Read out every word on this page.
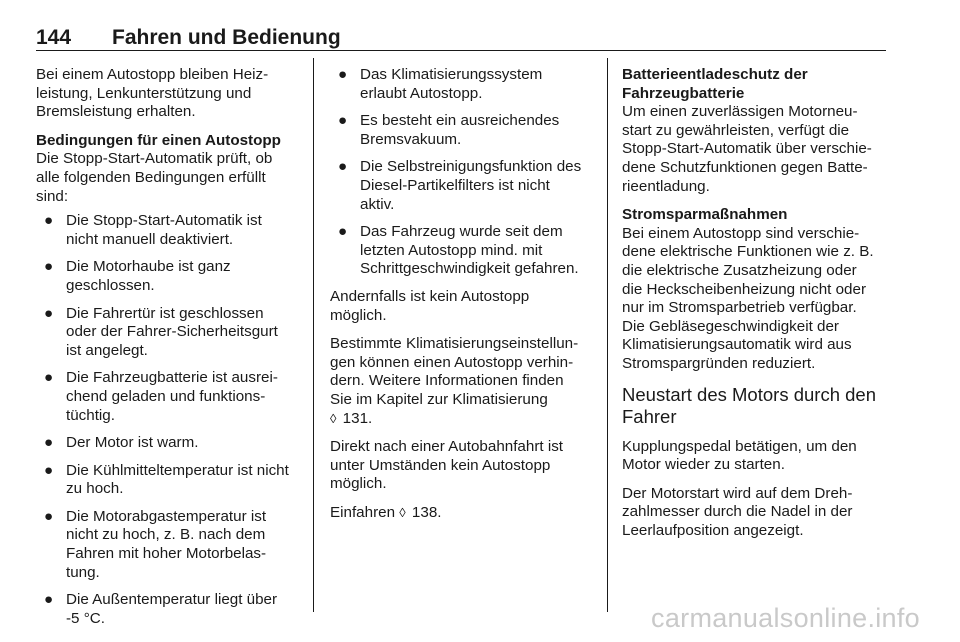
144 Fahren und Bedienung

Bei einem Autostopp bleiben Heiz-
leistung, Lenkunterstützung und
Bremsleistung erhalten.

Bedingungen für einen Autostopp

Die Stopp-Start-Automatik prüft, ob
alle folgenden Bedingungen erfüllt
sind:

● Die Stopp-Start-Automatik ist
nicht manuell deaktiviert.
● Die Motorhaube ist ganz
geschlossen.
● Die Fahrertür ist geschlossen
oder der Fahrer-Sicherheitsgurt
ist angelegt.
● Die Fahrzeugbatterie ist ausrei-
chend geladen und funktions-
tüchtig.
● Der Motor ist warm.
● Die Kühlmitteltemperatur ist nicht
zu hoch.
● Die Motorabgastemperatur ist
nicht zu hoch, z. B. nach dem
Fahren mit hoher Motorbelas-
tung.
● Die Außentemperatur liegt über
-5 °C.
● Das Klimatisierungssystem
erlaubt Autostopp.
● Es besteht ein ausreichendes
Bremsvakuum.
● Die Selbstreinigungsfunktion des
Diesel-Partikelfilters ist nicht
aktiv.
● Das Fahrzeug wurde seit dem
letzten Autostopp mind. mit
Schrittgeschwindigkeit gefahren.

Andernfalls ist kein Autostopp
möglich.

Bestimmte Klimatisierungseinstellun-
gen können einen Autostopp verhin-
dern. Weitere Informationen finden
Sie im Kapitel zur Klimatisierung
◊ 131.

Direkt nach einer Autobahnfahrt ist
unter Umständen kein Autostopp
möglich.

Einfahren ◊ 138.

Batterieentladeschutz der
Fahrzeugbatterie

Um einen zuverlässigen Motorneu-
start zu gewährleisten, verfügt die
Stopp-Start-Automatik über verschie-
dene Schutzfunktionen gegen Batte-
rieentladung.

Stromsparmaßnahmen

Bei einem Autostopp sind verschie-
dene elektrische Funktionen wie z. B.
die elektrische Zusatzheizung oder
die Heckscheibenheizung nicht oder
nur im Stromsparbetrieb verfügbar.
Die Gebläsegeschwindigkeit der
Klimatisierungsautomatik wird aus
Stromspargründen reduziert.

Neustart des Motors durch den
Fahrer

Kupplungspedal betätigen, um den
Motor wieder zu starten.

Der Motorstart wird auf dem Dreh-
zahlmesser durch die Nadel in der
Leerlaufposition angezeigt.

carmanualsonline.info
